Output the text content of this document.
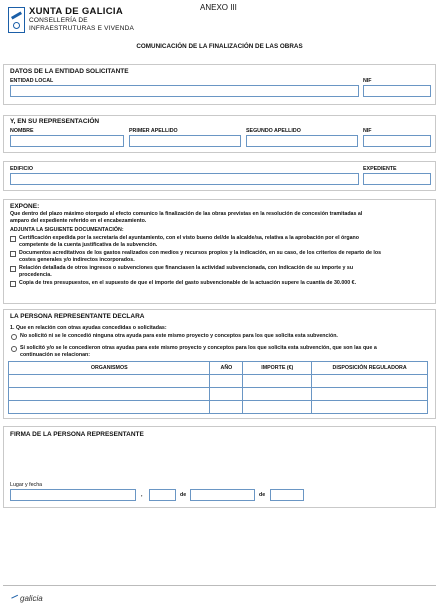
XUNTA DE GALICIA
CONSELLERÍA DE
INFRAESTRUTURAS E VIVENDA
ANEXO III
COMUNICACIÓN DE LA FINALIZACIÓN DE LAS OBRAS
DATOS DE LA ENTIDAD SOLICITANTE
ENTIDAD LOCAL	NIF
Y, EN SU REPRESENTACIÓN
NOMBRE	PRIMER APELLIDO	SEGUNDO APELLIDO	NIF
EDIFICIO	EXPEDIENTE
EXPONE:
Que dentro del plazo máximo otorgado al efecto comunico la finalización de las obras previstas en la resolución de concesión tramitadas al
amparo del expediente referido en el encabezamiento.
ADJUNTA LA SIGUIENTE DOCUMENTACIÓN:
Certificación expedida por la secretaría del ayuntamiento, con el visto bueno del/de la alcalde/sa, relativa a la aprobación por el órgano
competente de la cuenta justificativa de la subvención.
Documentos acreditativos de los gastos realizados con medios y recursos propios y la indicación, en su caso, de los criterios de reparto de los
costes generales y/o indirectos incorporados.
Relación detallada de otros ingresos o subvenciones que financiasen la actividad subvencionada, con indicación de su importe y su
procedencia.
Copia de tres presupuestos, en el supuesto de que el importe del gasto subvencionable de la actuación supere la cuantía de 30.000 €.
LA PERSONA REPRESENTANTE DECLARA
1. Que en relación con otras ayudas concedidas o solicitadas:
No solicitó ni se le concedió ninguna otra ayuda para este mismo proyecto y conceptos para los que solicita esta subvención.
Sí solicitó y/o se le concedieron otras ayudas para este mismo proyecto y conceptos para los que solicita esta subvención, que son las que a
continuación se relacionan:
ORGANISMOS	AÑO	IMPORTE (€)	DISPOSICIÓN REGULADORA

FIRMA DE LA PERSONA REPRESENTANTE
Lugar y fecha
,	de	de
galicia
